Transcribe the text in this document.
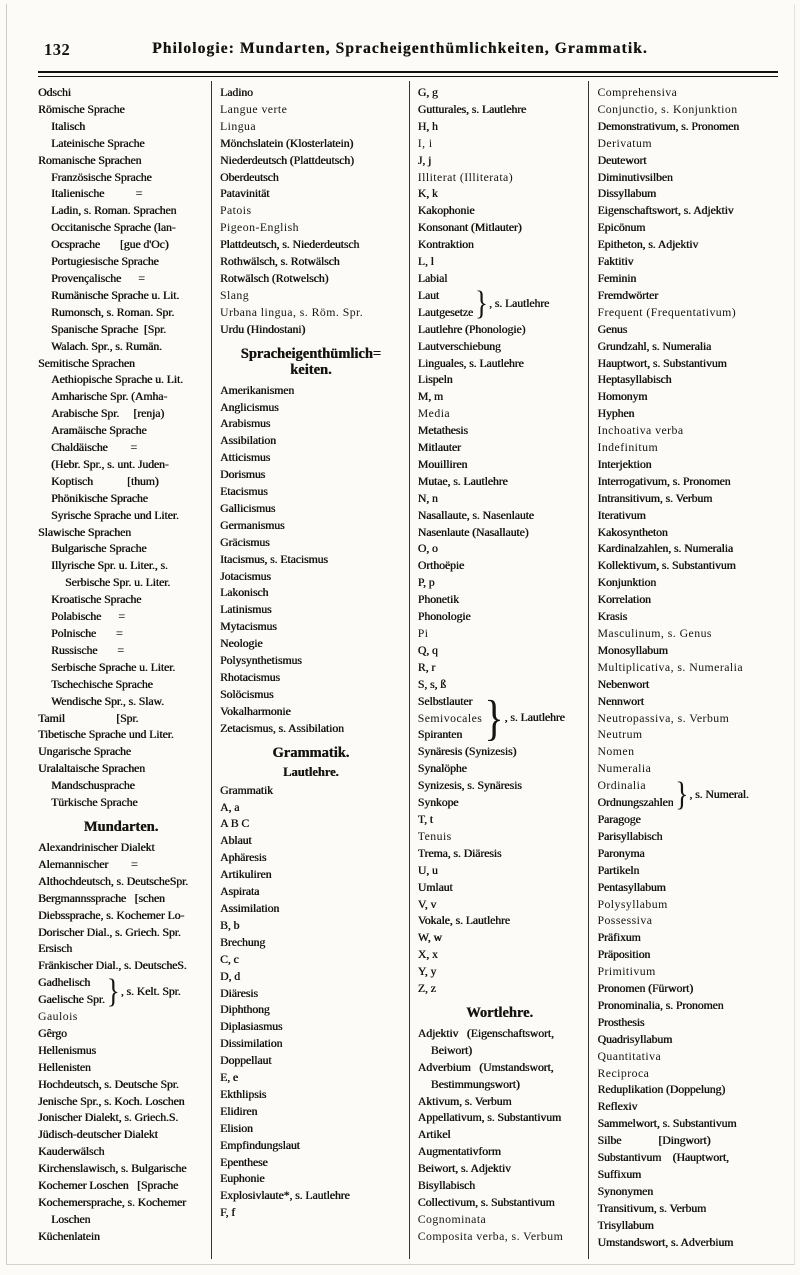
132	Philologie: Mundarten, Spracheigenthümlichkeiten, Grammatik.
Odschi
Römische Sprache
Italisch
Lateinische Sprache
Romanische Sprachen
Französische Sprache
Italienische           =
Ladin, s. Roman. Sprachen
Occitanische Sprache (lan-
Ocsprache       [gue d'Oc)
Portugiesische Sprache
Provençalische      =
Rumänische Sprache u. Lit.
Rumonsch, s. Roman. Spr.
Spanische Sprache  [Spr.
Walach. Spr., s. Rumän.
Semitische Sprachen
Aethiopische Sprache u. Lit.
Amharische Spr. (Amha-
Arabische Spr.     [renja)
Aramäische Sprache
Chaldäische        =
(Hebr. Spr., s. unt. Juden-
Koptisch            [thum)
Phönikische Sprache
Syrische Sprache und Liter.
Slawische Sprachen
Bulgarische Sprache
Illyrische Spr. u. Liter., s.
Serbische Spr. u. Liter.
Kroatische Sprache
Polabische      =
Polnische       =
Russische       =
Serbische Sprache u. Liter.
Tschechische Sprache
Wendische Spr., s. Slaw.
Tamil                  [Spr.
Tibetische Sprache und Liter.
Ungarische Sprache
Uralaltaische Sprachen
Mandschusprache
Türkische Sprache
Mundarten.
Alexandrinischer Dialekt
Alemannischer        =
Althochdeutsch, s. DeutscheSpr.
Bergmannssprache   [schen
Diebssprache, s. Kochemer Lo-
Dorischer Dial., s. Griech. Spr.
Ersisch
Fränkischer Dial., s. DeutscheS.
Gadhelisch
Gaelische Spr. } , s. Kelt. Spr.
Gaulois
Gêrgo
Hellenismus
Hellenisten
Hochdeutsch, s. Deutsche Spr.
Jenische Spr., s. Koch. Loschen
Jonischer Dialekt, s. Griech.S.
Jüdisch-deutscher Dialekt
Kauderwälsch
Kirchenslawisch, s. Bulgarische
Kochemer Loschen   [Sprache
Kochemersprache, s. Kochemer
Loschen
Küchenlatein
Ladino
Langue verte
Lingua
Mönchslatein (Klosterlatein)
Niederdeutsch (Plattdeutsch)
Oberdeutsch
Patavinität
Patois
Pigeon-English
Plattdeutsch, s. Niederdeutsch
Rothwälsch, s. Rotwälsch
Rotwälsch (Rotwelsch)
Slang
Urbana lingua, s. Röm. Spr.
Urdu (Hindostani)
Spracheigenthümlich=
keiten.
Amerikanismen
Anglicismus
Arabismus
Assibilation
Atticismus
Dorismus
Etacismus
Gallicismus
Germanismus
Gräcismus
Itacismus, s. Etacismus
Jotacismus
Lakonisch
Latinismus
Mytacismus
Neologie
Polysynthetismus
Rhotacismus
Solöcismus
Vokalharmonie
Zetacismus, s. Assibilation
Grammatik.
Lautlehre.
Grammatik
A, a
A B C
Ablaut
Aphäresis
Artikuliren
Aspirata
Assimilation
B, b
Brechung
C, c
D, d
Diäresis
Diphthong
Diplasiasmus
Dissimilation
Doppellaut
E, e
Ekthlipsis
Elidiren
Elision
Empfindungslaut
Epenthese
Euphonie
Explosivlaute*, s. Lautlehre
F, f
G, g
Gutturales, s. Lautlehre
H, h
I, i
J, j
Illiterat (Illiterata)
K, k
Kakophonie
Konsonant (Mitlauter)
Kontraktion
L, l
Labial
Laut
Lautgesetze } , s. Lautlehre
Lautlehre (Phonologie)
Lautverschiebung
Linguales, s. Lautlehre
Lispeln
M, m
Media
Metathesis
Mitlauter
Mouilliren
Mutae, s. Lautlehre
N, n
Nasallaute, s. Nasenlaute
Nasenlaute (Nasallaute)
O, o
Orthoëpie
P, p
Phonetik
Phonologie
Pi
Q, q
R, r
S, s, ß
Selbstlauter
Semivocales
Spiranten } , s. Lautlehre
Synäresis (Synizesis)
Synalöphe
Synizesis, s. Synäresis
Synkope
T, t
Tenuis
Trema, s. Diäresis
U, u
Umlaut
V, v
Vokale, s. Lautlehre
W, w
X, x
Y, y
Z, z
Wortlehre.
Adjektiv   (Eigenschaftswort,
Beiwort)
Adverbium   (Umstandswort,
Bestimmungswort)
Aktivum, s. Verbum
Appellativum, s. Substantivum
Artikel
Augmentativform
Beiwort, s. Adjektiv
Bisyllabisch
Collectivum, s. Substantivum
Cognominata
Composita verba, s. Verbum
Comprehensiva
Conjunctio, s. Konjunktion
Demonstrativum, s. Pronomen
Derivatum
Deutewort
Diminutivsilben
Dissyllabum
Eigenschaftswort, s. Adjektiv
Epicönum
Epitheton, s. Adjektiv
Faktitiv
Feminin
Fremdwörter
Frequent (Frequentativum)
Genus
Grundzahl, s. Numeralia
Hauptwort, s. Substantivum
Heptasyllabisch
Homonym
Hyphen
Inchoativa verba
Indefinitum
Interjektion
Interrogativum, s. Pronomen
Intransitivum, s. Verbum
Iterativum
Kakosyntheton
Kardinalzahlen, s. Numeralia
Kollektivum, s. Substantivum
Konjunktion
Korrelation
Krasis
Masculinum, s. Genus
Monosyllabum
Multiplicativa, s. Numeralia
Nebenwort
Nennwort
Neutropassiva, s. Verbum
Neutrum
Nomen
Numeralia
Ordinalia
Ordnungszahlen } , s. Numeral.
Paragoge
Parisyllabisch
Paronyma
Partikeln
Pentasyllabum
Polysyllabum
Possessiva
Präfixum
Präposition
Primitivum
Pronomen (Fürwort)
Pronominalia, s. Pronomen
Prosthesis
Quadrisyllabum
Quantitativa
Reciproca
Reduplikation (Doppelung)
Reflexiv
Sammelwort, s. Substantivum
Silbe             [Dingwort)
Substantivum    (Hauptwort,
Suffixum
Synonymen
Transitivum, s. Verbum
Trisyllabum
Umstandswort, s. Adverbium
